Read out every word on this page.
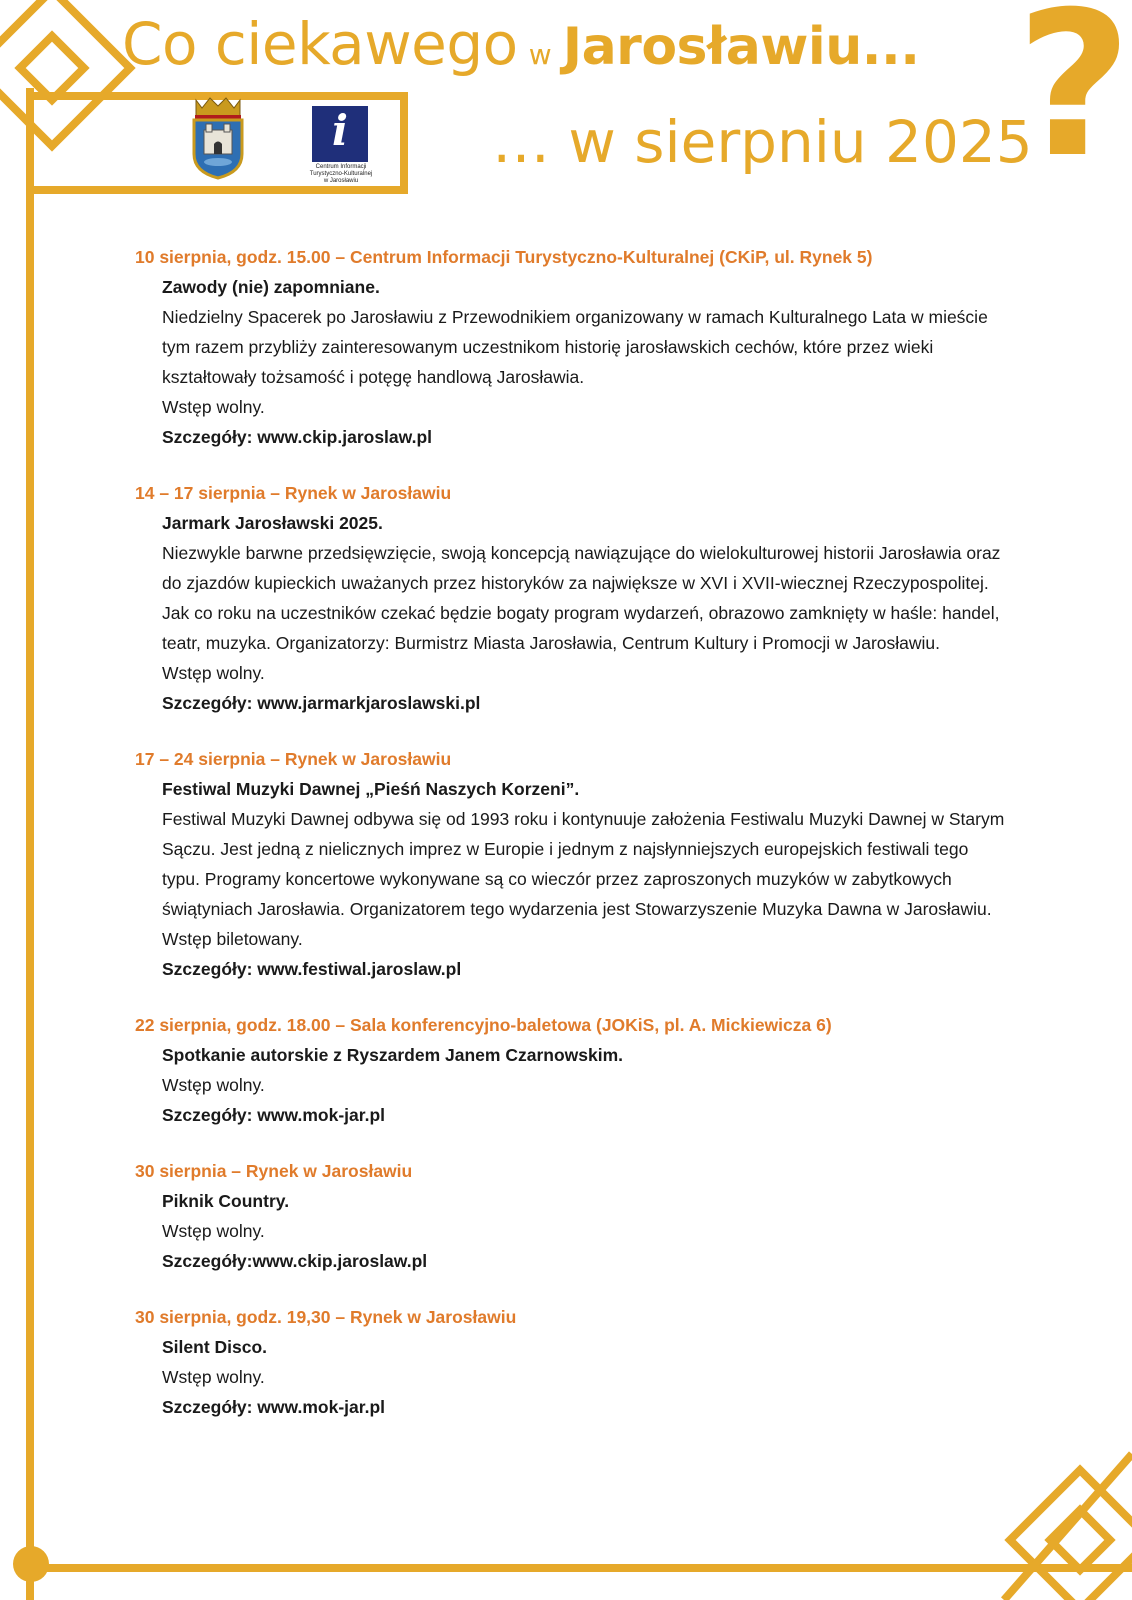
Co ciekawego w Jarosławiu...
… w sierpniu 2025
?
i
Centrum Informacji Turystyczno-Kulturalnej w Jarosławiu
10 sierpnia, godz. 15.00 – Centrum Informacji Turystyczno-Kulturalnej (CKiP, ul. Rynek 5)
Zawody (nie) zapomniane.
Niedzielny Spacerek po Jarosławiu z Przewodnikiem organizowany w ramach Kulturalnego Lata w mieście tym razem przybliży zainteresowanym uczestnikom historię jarosławskich cechów, które przez wieki kształtowały tożsamość i potęgę handlową Jarosławia.
Wstęp wolny.
Szczegóły: www.ckip.jaroslaw.pl
14 – 17 sierpnia – Rynek w Jarosławiu
Jarmark Jarosławski 2025.
Niezwykle barwne przedsięwzięcie, swoją koncepcją nawiązujące do wielokulturowej historii Jarosławia oraz do zjazdów kupieckich uważanych przez historyków za największe w XVI i XVII-wiecznej Rzeczypospolitej. Jak co roku na uczestników czekać będzie bogaty program wydarzeń, obrazowo zamknięty w haśle: handel, teatr, muzyka. Organizatorzy: Burmistrz Miasta Jarosławia, Centrum Kultury i Promocji w Jarosławiu.
Wstęp wolny.
Szczegóły: www.jarmarkjaroslawski.pl
17 – 24 sierpnia – Rynek w Jarosławiu
Festiwal Muzyki Dawnej „Pieśń Naszych Korzeni”.
Festiwal Muzyki Dawnej odbywa się od 1993 roku i kontynuuje założenia Festiwalu Muzyki Dawnej w Starym Sączu. Jest jedną z nielicznych imprez w Europie i jednym z najsłynniejszych europejskich festiwali tego typu. Programy koncertowe wykonywane są co wieczór przez zaproszonych muzyków w zabytkowych świątyniach Jarosławia. Organizatorem tego wydarzenia jest Stowarzyszenie Muzyka Dawna w Jarosławiu.
Wstęp biletowany.
Szczegóły: www.festiwal.jaroslaw.pl
22 sierpnia, godz. 18.00 – Sala konferencyjno-baletowa (JOKiS, pl. A. Mickiewicza 6)
Spotkanie autorskie z Ryszardem Janem Czarnowskim.
Wstęp wolny.
Szczegóły: www.mok-jar.pl
30 sierpnia – Rynek w Jarosławiu
Piknik Country.
Wstęp wolny.
Szczegóły:www.ckip.jaroslaw.pl
30 sierpnia, godz. 19,30 – Rynek w Jarosławiu
Silent Disco.
Wstęp wolny.
Szczegóły: www.mok-jar.pl
